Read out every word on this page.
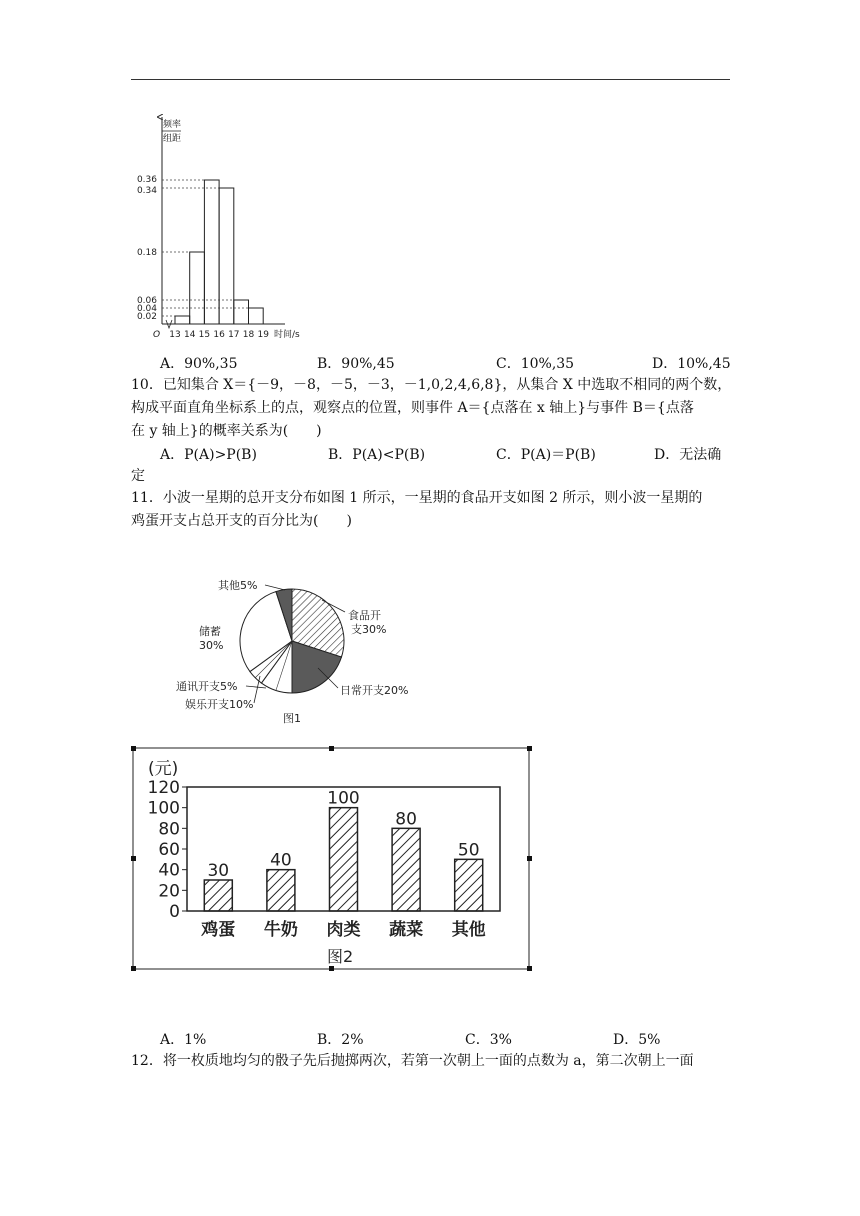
0.36
0.34
0.18
0.06
0.04
0.02
13 14 15 16 17 18 19
频率
组距
O	时间/s
A．90%,35	B．90%,45	C．10%,35	D．10%,45
10．已知集合 X＝{－9，－8，－5，－3，－1,0,2,4,6,8}，从集合 X 中选取不相同的两个数，
构成平面直角坐标系上的点，观察点的位置，则事件 A＝{点落在 x 轴上}与事件 B＝{点落
在 y 轴上}的概率关系为(　　)
A．P(A)>P(B)	B．P(A)<P(B)	C．P(A)＝P(B)	D．无法确
定
11．小波一星期的总开支分布如图 1 所示，一星期的食品开支如图 2 所示，则小波一星期的
鸡蛋开支占总开支的百分比为(　　)
食品开
支30%
日常开支20%
通讯开支5%
娱乐开支10%
储蓄
30%
其他5%
图1
0
20
40
60
80
100
120
30
鸡蛋
40
牛奶
100
肉类
80
蔬菜
50
其他
(元)
图2
A．1%	B．2%	C．3%	D．5%
12．将一枚质地均匀的骰子先后抛掷两次，若第一次朝上一面的点数为 a，第二次朝上一面
